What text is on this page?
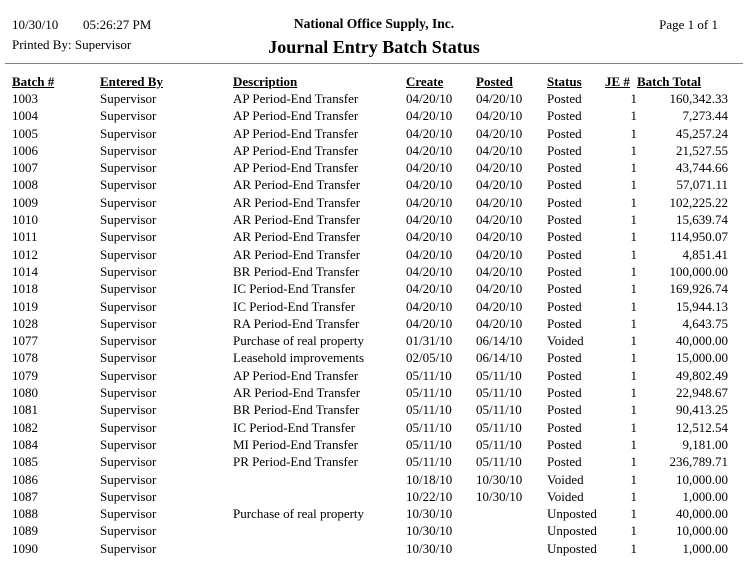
10/30/10 05:26:27 PM	National Office Supply, Inc.	Page 1 of 1
Printed By: Supervisor	Journal Entry Batch Status
Batch #	Entered By	Description	Create	Posted	Status	JE #	Batch Total
1003	Supervisor	AP Period-End Transfer	04/20/10	04/20/10	Posted	1	160,342.33
1004	Supervisor	AP Period-End Transfer	04/20/10	04/20/10	Posted	1	7,273.44
1005	Supervisor	AP Period-End Transfer	04/20/10	04/20/10	Posted	1	45,257.24
1006	Supervisor	AP Period-End Transfer	04/20/10	04/20/10	Posted	1	21,527.55
1007	Supervisor	AP Period-End Transfer	04/20/10	04/20/10	Posted	1	43,744.66
1008	Supervisor	AR Period-End Transfer	04/20/10	04/20/10	Posted	1	57,071.11
1009	Supervisor	AR Period-End Transfer	04/20/10	04/20/10	Posted	1	102,225.22
1010	Supervisor	AR Period-End Transfer	04/20/10	04/20/10	Posted	1	15,639.74
1011	Supervisor	AR Period-End Transfer	04/20/10	04/20/10	Posted	1	114,950.07
1012	Supervisor	AR Period-End Transfer	04/20/10	04/20/10	Posted	1	4,851.41
1014	Supervisor	BR Period-End Transfer	04/20/10	04/20/10	Posted	1	100,000.00
1018	Supervisor	IC Period-End Transfer	04/20/10	04/20/10	Posted	1	169,926.74
1019	Supervisor	IC Period-End Transfer	04/20/10	04/20/10	Posted	1	15,944.13
1028	Supervisor	RA Period-End Transfer	04/20/10	04/20/10	Posted	1	4,643.75
1077	Supervisor	Purchase of real property	01/31/10	06/14/10	Voided	1	40,000.00
1078	Supervisor	Leasehold improvements	02/05/10	06/14/10	Posted	1	15,000.00
1079	Supervisor	AP Period-End Transfer	05/11/10	05/11/10	Posted	1	49,802.49
1080	Supervisor	AR Period-End Transfer	05/11/10	05/11/10	Posted	1	22,948.67
1081	Supervisor	BR Period-End Transfer	05/11/10	05/11/10	Posted	1	90,413.25
1082	Supervisor	IC Period-End Transfer	05/11/10	05/11/10	Posted	1	12,512.54
1084	Supervisor	MI Period-End Transfer	05/11/10	05/11/10	Posted	1	9,181.00
1085	Supervisor	PR Period-End Transfer	05/11/10	05/11/10	Posted	1	236,789.71
1086	Supervisor		10/18/10	10/30/10	Voided	1	10,000.00
1087	Supervisor		10/22/10	10/30/10	Voided	1	1,000.00
1088	Supervisor	Purchase of real property	10/30/10		Unposted	1	40,000.00
1089	Supervisor		10/30/10		Unposted	1	10,000.00
1090	Supervisor		10/30/10		Unposted	1	1,000.00
